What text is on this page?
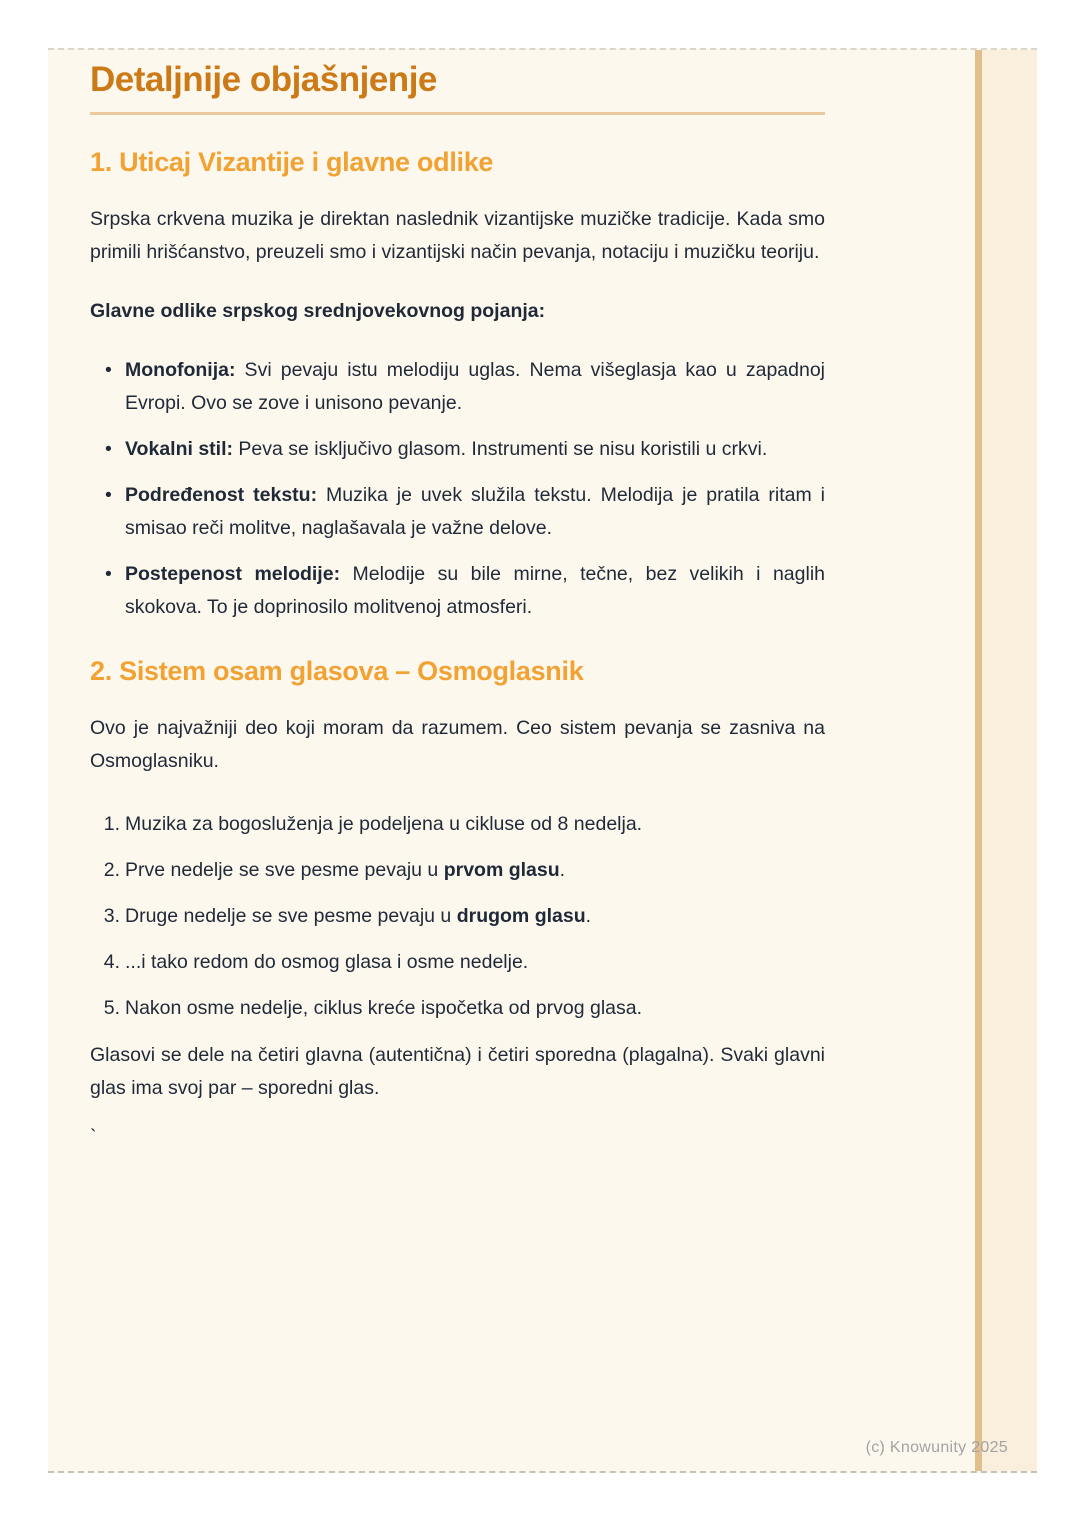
Detaljnije objašnjenje
1. Uticaj Vizantije i glavne odlike

Srpska crkvena muzika je direktan naslednik vizantijske muzičke tradicije. Kada smo primili hrišćanstvo, preuzeli smo i vizantijski način pevanja, notaciju i muzičku teoriju.

Glavne odlike srpskog srednjovekovnog pojanja:

• Monofonija: Svi pevaju istu melodiju uglas. Nema višeglasja kao u zapadnoj Evropi. Ovo se zove i unisono pevanje.
• Vokalni stil: Peva se isključivo glasom. Instrumenti se nisu koristili u crkvi.
• Podređenost tekstu: Muzika je uvek služila tekstu. Melodija je pratila ritam i smisao reči molitve, naglašavala je važne delove.
• Postepenost melodije: Melodije su bile mirne, tečne, bez velikih i naglih skokova. To je doprinosilo molitvenoj atmosferi.
2. Sistem osam glasova – Osmoglasnik

Ovo je najvažniji deo koji moram da razumem. Ceo sistem pevanja se zasniva na Osmoglasniku.

1. Muzika za bogosluženja je podeljena u cikluse od 8 nedelja.
2. Prve nedelje se sve pesme pevaju u prvom glasu.
3. Druge nedelje se sve pesme pevaju u drugom glasu.
4. ...i tako redom do osmog glasa i osme nedelje.
5. Nakon osme nedelje, ciklus kreće ispočetka od prvog glasa.

Glasovi se dele na četiri glavna (autentična) i četiri sporedna (plagalna). Svaki glavni glas ima svoj par – sporedni glas.

`

(c) Knowunity 2025
